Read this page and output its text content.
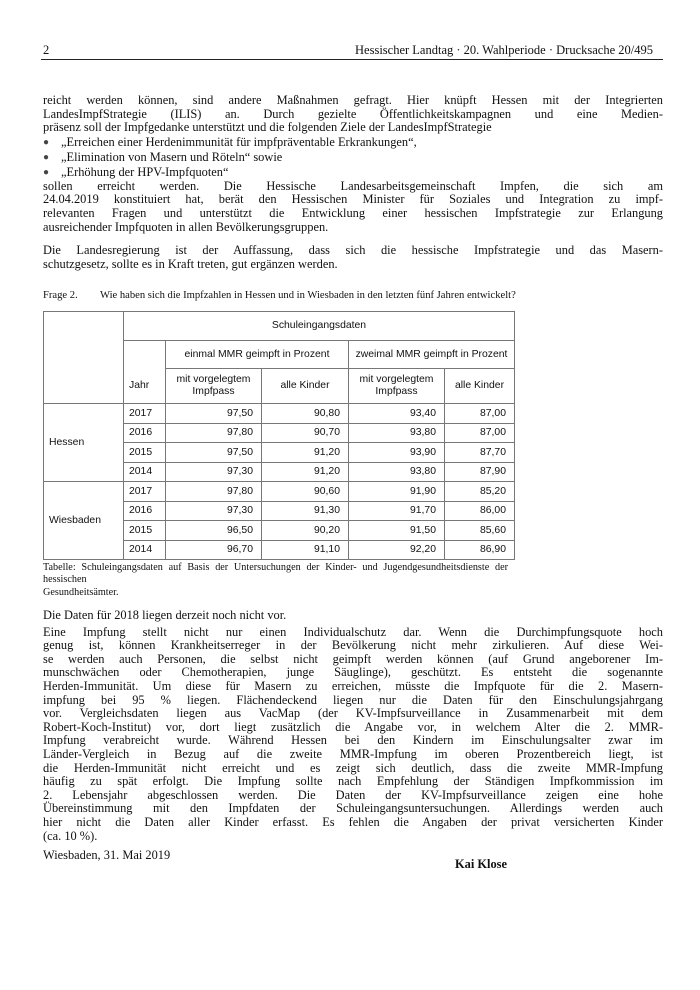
2	Hessischer Landtag · 20. Wahlperiode · Drucksache 20/495

reicht werden können, sind andere Maßnahmen gefragt. Hier knüpft Hessen mit der Integrierten
LandesImpfStrategie (ILIS) an. Durch gezielte Öffentlichkeitskampagnen und eine Medien-
präsenz soll der Impfgedanke unterstützt und die folgenden Ziele der LandesImpfStrategie

● „Erreichen einer Herdenimmunität für impfpräventable Erkrankungen“,
● „Elimination von Masern und Röteln“ sowie
● „Erhöhung der HPV-Impfquoten“

sollen erreicht werden. Die Hessische Landesarbeitsgemeinschaft Impfen, die sich am
24.04.2019 konstituiert hat, berät den Hessischen Minister für Soziales und Integration zu impf-
relevanten Fragen und unterstützt die Entwicklung einer hessischen Impfstrategie zur Erlangung
ausreichender Impfquoten in allen Bevölkerungsgruppen.

Die Landesregierung ist der Auffassung, dass sich die hessische Impfstrategie und das Masern-
schutzgesetz, sollte es in Kraft treten, gut ergänzen werden.

Frage 2. Wie haben sich die Impfzahlen in Hessen und in Wiesbaden in den letzten fünf Jahren entwickelt?
	Schuleingangsdaten				
		einmal MMR geimpft in Prozent		zweimal MMR geimpft in Prozent	
	Jahr	mit vorgelegtem Impfpass	alle Kinder	mit vorgelegtem Impfpass	alle Kinder
Hessen	2017	97,50	90,80	93,40	87,00
	2016	97,80	90,70	93,80	87,00
	2015	97,50	91,20	93,90	87,70
	2014	97,30	91,20	93,80	87,90
Wiesbaden	2017	97,80	90,60	91,90	85,20
	2016	97,30	91,30	91,70	86,00
	2015	96,50	90,20	91,50	85,60
	2014	96,70	91,10	92,20	86,90
Tabelle: Schuleingangsdaten auf Basis der Untersuchungen der Kinder- und Jugendgesundheitsdienste der hessischen
Gesundheitsämter.

Die Daten für 2018 liegen derzeit noch nicht vor.

Eine Impfung stellt nicht nur einen Individualschutz dar. Wenn die Durchimpfungsquote hoch
genug ist, können Krankheitserreger in der Bevölkerung nicht mehr zirkulieren. Auf diese Wei-
se werden auch Personen, die selbst nicht geimpft werden können (auf Grund angeborener Im-
munschwächen oder Chemotherapien, junge Säuglinge), geschützt. Es entsteht die sogenannte
Herden-Immunität. Um diese für Masern zu erreichen, müsste die Impfquote für die 2. Masern-
impfung bei 95 % liegen. Flächendeckend liegen nur die Daten für den Einschulungsjahrgang
vor. Vergleichsdaten liegen aus VacMap (der KV-Impfsurveillance in Zusammenarbeit mit dem
Robert-Koch-Institut) vor, dort liegt zusätzlich die Angabe vor, in welchem Alter die 2. MMR-
Impfung verabreicht wurde. Während Hessen bei den Kindern im Einschulungsalter zwar im
Länder-Vergleich in Bezug auf die zweite MMR-Impfung im oberen Prozentbereich liegt, ist
die Herden-Immunität nicht erreicht und es zeigt sich deutlich, dass die zweite MMR-Impfung
häufig zu spät erfolgt. Die Impfung sollte nach Empfehlung der Ständigen Impfkommission im
2. Lebensjahr abgeschlossen werden. Die Daten der KV-Impfsurveillance zeigen eine hohe
Übereinstimmung mit den Impfdaten der Schuleingangsuntersuchungen. Allerdings werden auch
hier nicht die Daten aller Kinder erfasst. Es fehlen die Angaben der privat versicherten Kinder
(ca. 10 %).

Wiesbaden, 31. Mai 2019
Kai Klose
